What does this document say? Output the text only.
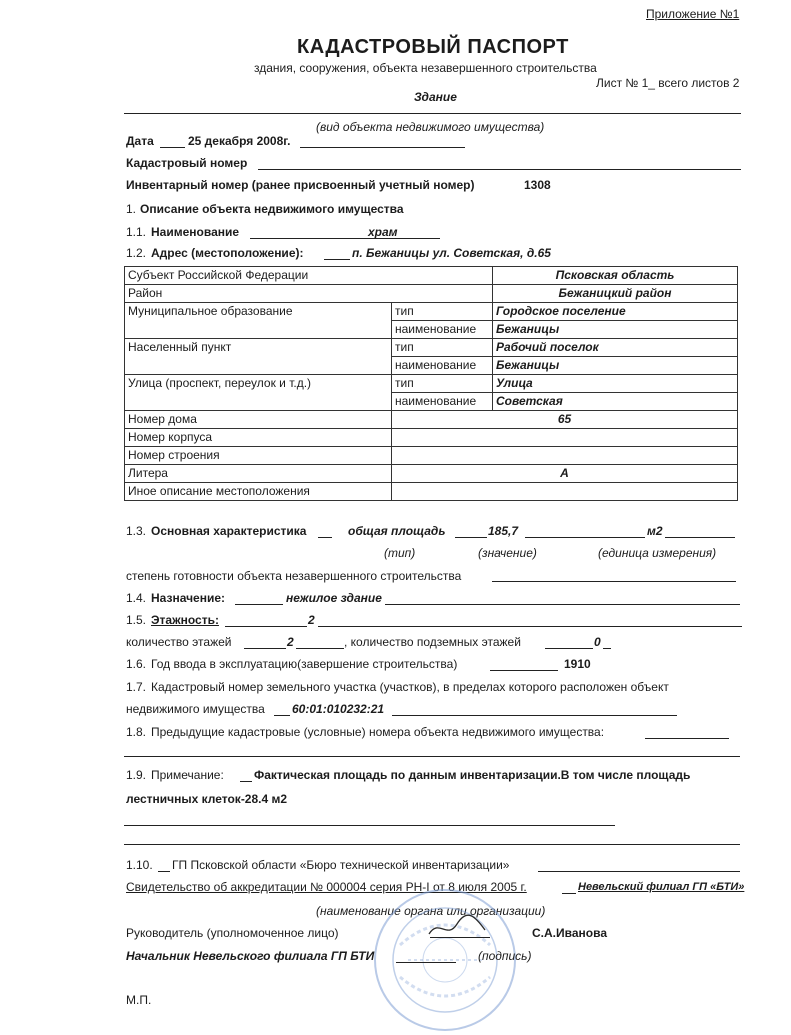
Приложение №1
КАДАСТРОВЫЙ ПАСПОРТ
здания, сооружения, объекта незавершенного строительства
Лист № 1_ всего листов 2
Здание
(вид объекта недвижимого имущества)
Дата	25 декабря 2008г.
Кадастровый номер
Инвентарный номер (ранее присвоенный учетный номер)	1308
1. Описание объекта недвижимого имущества
1.1. Наименование	храм
1.2. Адрес (местоположение):	п. Бежаницы ул. Советская, д.65
Субъект Российской Федерации		Псковская область
Район		Бежаницкий район
Муниципальное образование	тип	Городское поселение
	наименование	Бежаницы
Населенный пункт	тип	Рабочий поселок
	наименование	Бежаницы
Улица (проспект, переулок и т.д.)	тип	Улица
	наименование	Советская
Номер дома	65	
Номер корпуса		
Номер строения		
Литера	А	
Иное описание местоположения		
1.3. Основная характеристика	общая площадь	185,7	м2
(тип)	(значение)	(единица измерения)
степень готовности объекта незавершенного строительства
1.4. Назначение:	нежилое здание
1.5. Этажность:	2
количество этажей	2	, количество подземных этажей	0
1.6. Год ввода в эксплуатацию(завершение строительства)	1910
1.7. Кадастровый номер земельного участка (участков), в пределах которого расположен объект
недвижимого имущества 60:01:010232:21
1.8. Предыдущие кадастровые (условные) номера объекта недвижимого имущества:
1.9. Примечание:	Фактическая площадь по данным инвентаризации.В том числе площадь
лестничных клеток-28.4 м2
1.10. ГП Псковской области «Бюро технической инвентаризации»
Свидетельство об аккредитации № 000004 серия РН-I от 8 июля 2005 г.	Невельский филиал ГП «БТИ»
(наименование органа или организации)
Руководитель (уполномоченное лицо)	С.А.Иванова
Начальник Невельского филиала ГП БТИ	(подпись)
М.П.
